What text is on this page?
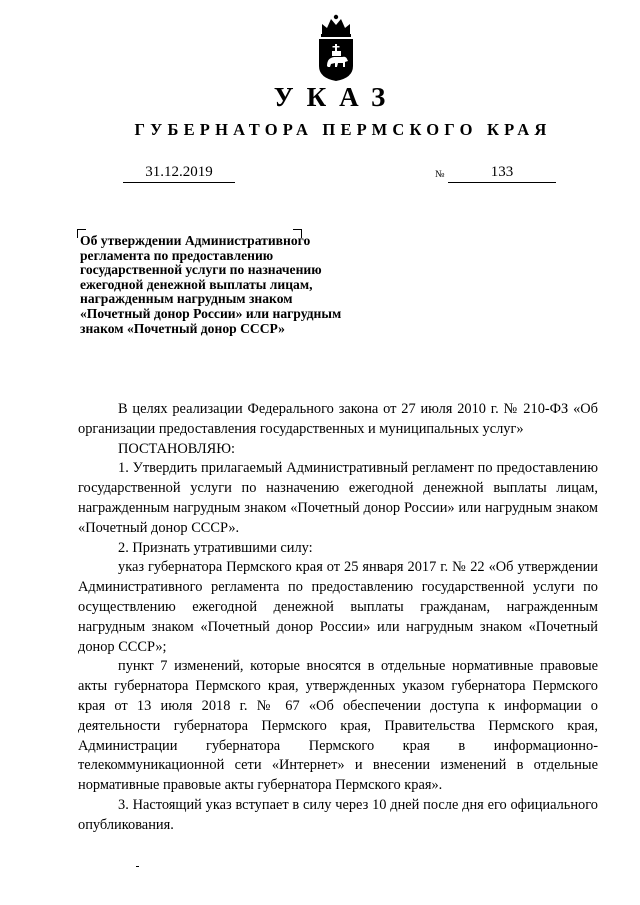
УКАЗ
ГУБЕРНАТОРА ПЕРМСКОГО КРАЯ
31.12.2019	№	133
Об утверждении Административного
регламента по предоставлению
государственной услуги по назначению
ежегодной денежной выплаты лицам,
награжденным нагрудным знаком
«Почетный донор России» или нагрудным
знаком «Почетный донор СССР»

В целях реализации Федерального закона от 27 июля 2010 г. № 210-ФЗ «Об организации предоставления государственных и муниципальных услуг»

ПОСТАНОВЛЯЮ:

1. Утвердить прилагаемый Административный регламент по предоставлению государственной услуги по назначению ежегодной денежной выплаты лицам, награжденным нагрудным знаком «Почетный донор России» или нагрудным знаком «Почетный донор СССР».

2. Признать утратившими силу:

указ губернатора Пермского края от 25 января 2017 г. № 22 «Об утверждении Административного регламента по предоставлению государственной услуги по осуществлению ежегодной денежной выплаты гражданам, награжденным нагрудным знаком «Почетный донор России» или нагрудным знаком «Почетный донор СССР»;

пункт 7 изменений, которые вносятся в отдельные нормативные правовые акты губернатора Пермского края, утвержденных указом губернатора Пермского края от 13 июля 2018 г. № 67 «Об обеспечении доступа к информации о деятельности губернатора Пермского края, Правительства Пермского края, Администрации губернатора Пермского края в информационно-телекоммуникационной сети «Интернет» и внесении изменений в отдельные нормативные правовые акты губернатора Пермского края».

3. Настоящий указ вступает в силу через 10 дней после дня его официального опубликования.
